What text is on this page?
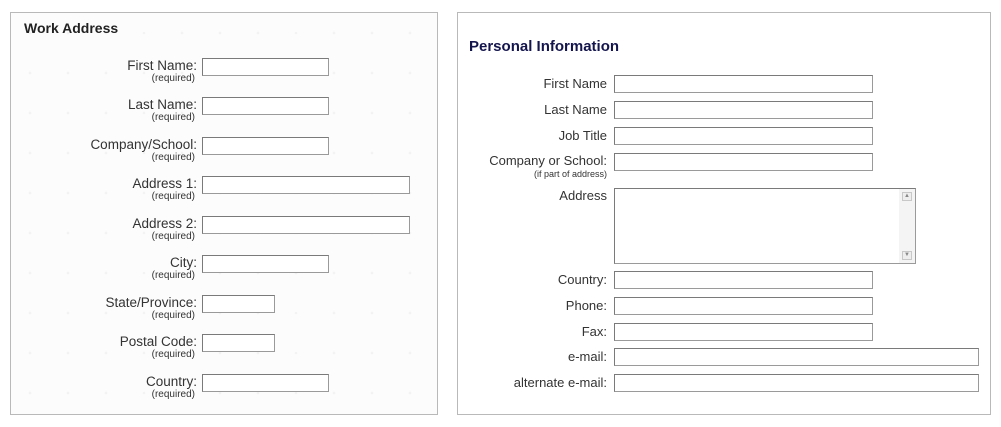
Work Address
First Name:
(required)
Last Name:
(required)
Company/School:
(required)
Address 1:
(required)
Address 2:
(required)
City:
(required)
State/Province:
(required)
Postal Code:
(required)
Country:
(required)
Personal Information
First Name
Last Name
Job Title
Company or School:
(if part of address)
Address	▲
▼
Country:
Phone:
Fax:
e-mail:
alternate e-mail:
